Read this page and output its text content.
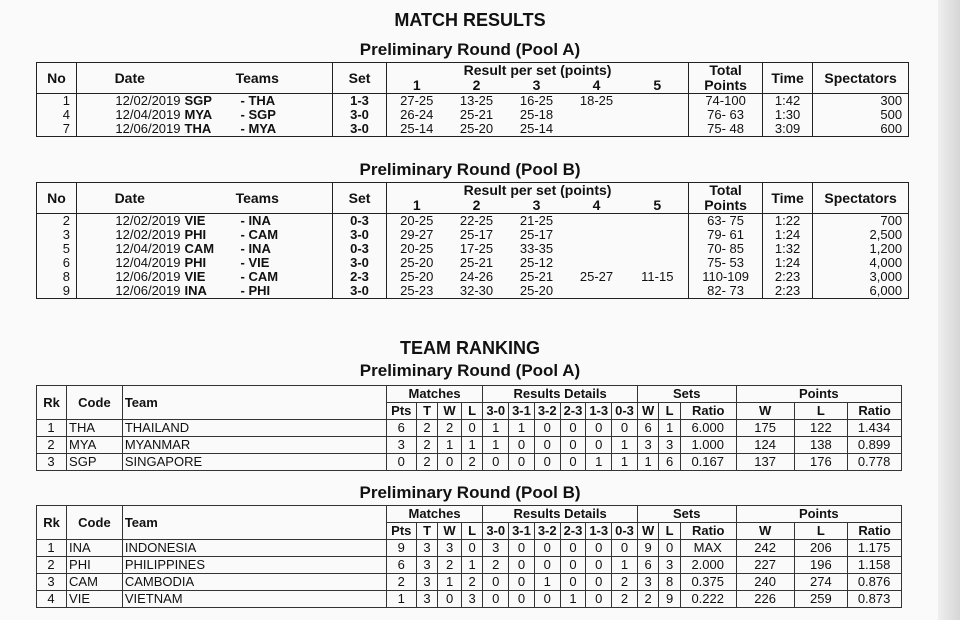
MATCH RESULTS
Preliminary Round (Pool A)
No	Date	Teams		Set	Result per set (points)					Total	Time	Spectators
					1	2	3	4	5	Points		
1	12/02/2019	SGP	- THA	1-3	27-25	13-25	16-25	18-25		74-100	1:42	300
4	12/04/2019	MYA	- SGP	3-0	26-24	25-21	25-18			76- 63	1:30	500
7	12/06/2019	THA	- MYA	3-0	25-14	25-20	25-14			75- 48	3:09	600
Preliminary Round (Pool B)
No	Date	Teams		Set	Result per set (points)					Total	Time	Spectators
					1	2	3	4	5	Points		
2	12/02/2019	VIE	- INA	0-3	20-25	22-25	21-25			63- 75	1:22	700
3	12/02/2019	PHI	- CAM	3-0	29-27	25-17	25-17			79- 61	1:24	2,500
5	12/04/2019	CAM	- INA	0-3	20-25	17-25	33-35			70- 85	1:32	1,200
6	12/04/2019	PHI	- VIE	3-0	25-20	25-21	25-12			75- 53	1:24	4,000
8	12/06/2019	VIE	- CAM	2-3	25-20	24-26	25-21	25-27	11-15	110-109	2:23	3,000
9	12/06/2019	INA	- PHI	3-0	25-23	32-30	25-20			82- 73	2:23	6,000
TEAM RANKING
Preliminary Round (Pool A)
Rk	Code	Team	Matches				Results Details						Sets			Points		
			Pts	T	W	L	3-0	3-1	3-2	2-3	1-3	0-3	W	L	Ratio	W	L	Ratio
1	THA	THAILAND	6	2	2	0	1	1	0	0	0	0	6	1	6.000	175	122	1.434
2	MYA	MYANMAR	3	2	1	1	1	0	0	0	0	1	3	3	1.000	124	138	0.899
3	SGP	SINGAPORE	0	2	0	2	0	0	0	0	1	1	1	6	0.167	137	176	0.778
Preliminary Round (Pool B)
Rk	Code	Team	Matches				Results Details						Sets			Points		
			Pts	T	W	L	3-0	3-1	3-2	2-3	1-3	0-3	W	L	Ratio	W	L	Ratio
1	INA	INDONESIA	9	3	3	0	3	0	0	0	0	0	9	0	MAX	242	206	1.175
2	PHI	PHILIPPINES	6	3	2	1	2	0	0	0	0	1	6	3	2.000	227	196	1.158
3	CAM	CAMBODIA	2	3	1	2	0	0	1	0	0	2	3	8	0.375	240	274	0.876
4	VIE	VIETNAM	1	3	0	3	0	0	0	1	0	2	2	9	0.222	226	259	0.873
